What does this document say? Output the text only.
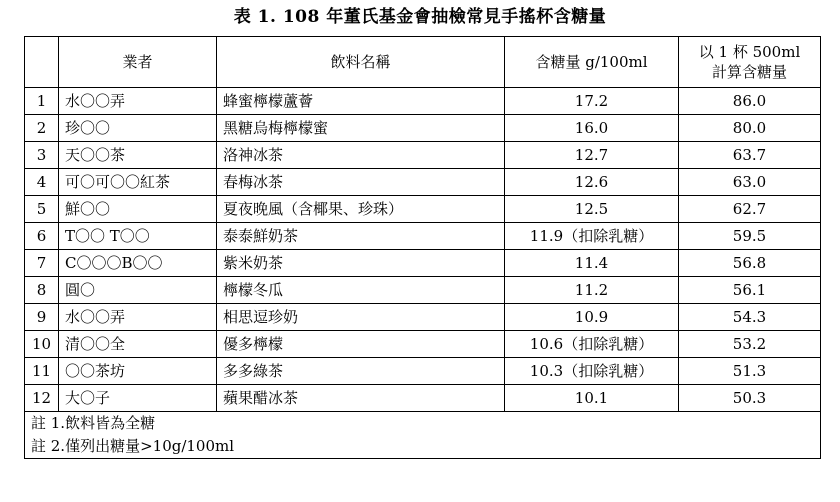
表 1. 108 年董氏基金會抽檢常見手搖杯含糖量
	業者	飲料名稱	含糖量 g/100ml	以 1 杯 500ml
計算含糖量

1	水〇〇弄	蜂蜜檸檬蘆薈	17.2	86.0
2	珍〇〇	黑糖烏梅檸檬蜜	16.0	80.0
3	天〇〇茶	洛神冰茶	12.7	63.7
4	可〇可〇〇紅茶	春梅冰茶	12.6	63.0
5	鮮〇〇	夏夜晚風（含椰果、珍珠）	12.5	62.7
6	T〇〇 T〇〇	泰泰鮮奶茶	11.9（扣除乳糖）	59.5
7	C〇〇〇B〇〇	紫米奶茶	11.4	56.8
8	圓〇	檸檬冬瓜	11.2	56.1
9	水〇〇弄	相思逗珍奶	10.9	54.3
10	清〇〇全	優多檸檬	10.6（扣除乳糖）	53.2
11	〇〇茶坊	多多綠茶	10.3（扣除乳糖）	51.3
12	大〇子	蘋果醋冰茶	10.1	50.3

註 1.飲料皆為全糖
註 2.僅列出糖量>10g/100ml				
